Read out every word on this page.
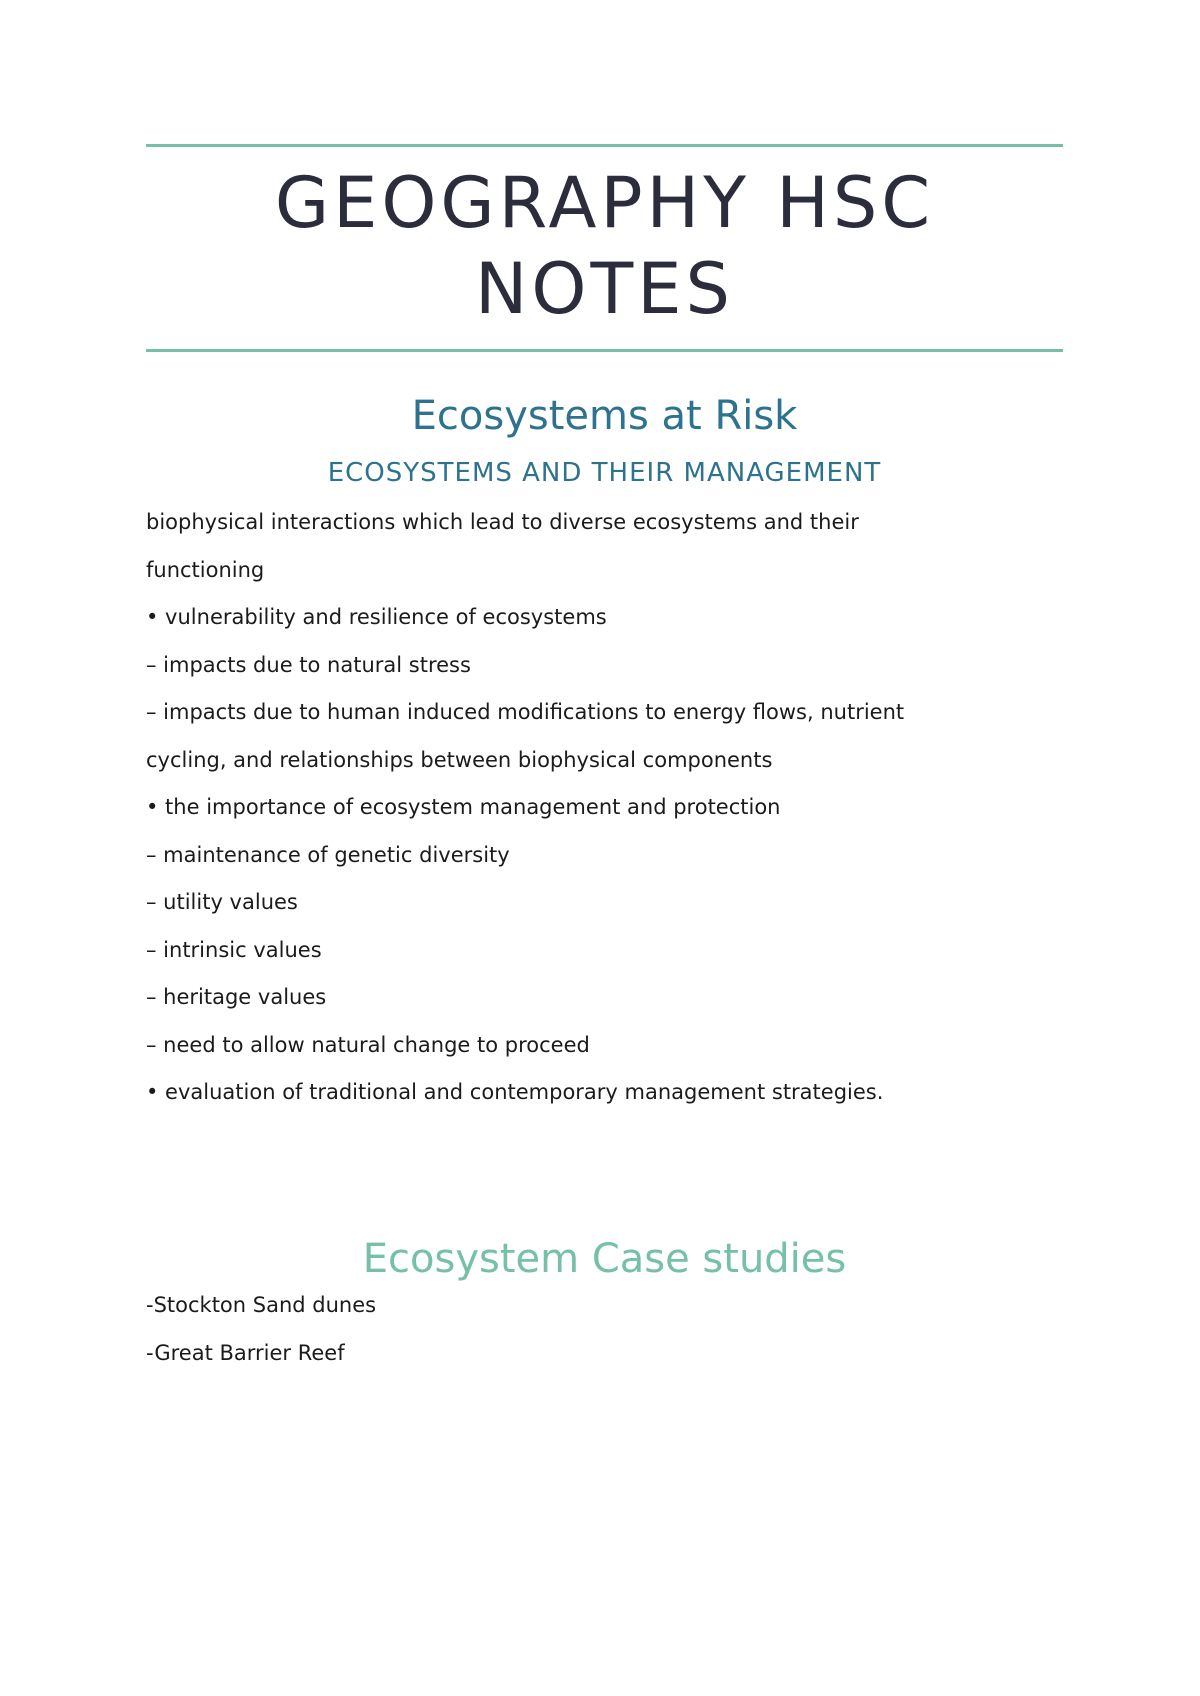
GEOGRAPHY HSC
NOTES
Ecosystems at Risk
ECOSYSTEMS AND THEIR MANAGEMENT
biophysical interactions which lead to diverse ecosystems and their
functioning
• vulnerability and resilience of ecosystems
– impacts due to natural stress
– impacts due to human induced modifications to energy flows, nutrient
cycling, and relationships between biophysical components
• the importance of ecosystem management and protection
– maintenance of genetic diversity
– utility values
– intrinsic values
– heritage values
– need to allow natural change to proceed
• evaluation of traditional and contemporary management strategies.
Ecosystem Case studies
-Stockton Sand dunes
-Great Barrier Reef
